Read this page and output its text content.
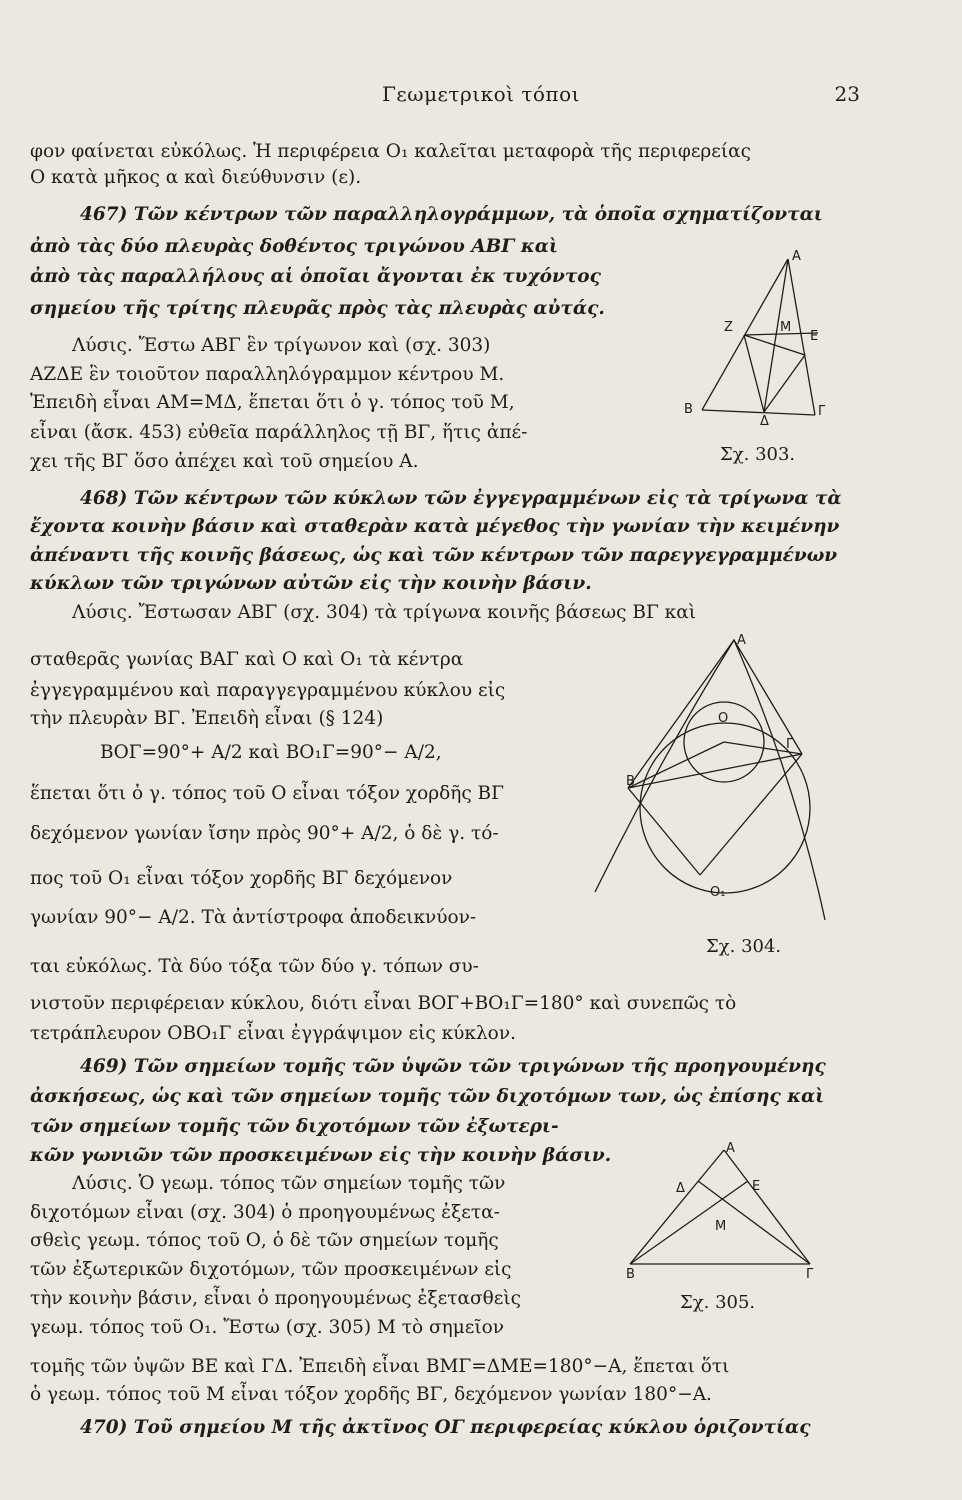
Γεωμετρικοὶ τόποι	23
φον φαίνεται εὐκόλως. Ἡ περιφέρεια O₁ καλεῖται μεταφορὰ τῆς περιφερείας
O κατὰ μῆκος α καὶ διεύθυνσιν (ε).
467) Τῶν κέντρων τῶν παραλληλογράμμων, τὰ ὁποῖα σχηματίζονται
ἀπὸ τὰς δύο πλευρὰς δοθέντος τριγώνου ΑΒΓ καὶ
ἀπὸ τὰς παραλλήλους αἱ ὁποῖαι ἄγονται ἐκ τυχόντος
σημείου τῆς τρίτης πλευρᾶς πρὸς τὰς πλευρὰς αὐτάς.
Λύσις. Ἔστω ΑΒΓ ἓν τρίγωνον καὶ (σχ. 303)
ΑΖΔΕ ἓν τοιοῦτον παραλληλόγραμμον κέντρου Μ.
Ἐπειδὴ εἶναι ΑΜ=ΜΔ, ἕπεται ὅτι ὁ γ. τόπος τοῦ Μ,
εἶναι (ἄσκ. 453) εὐθεῖα παράλληλος τῇ ΒΓ, ἥτις ἀπέ-
χει τῆς ΒΓ ὅσο ἀπέχει καὶ τοῦ σημείου Α.
468) Τῶν κέντρων τῶν κύκλων τῶν ἐγγεγραμμένων εἰς τὰ τρίγωνα τὰ
ἔχοντα κοινὴν βάσιν καὶ σταθερὰν κατὰ μέγεθος τὴν γωνίαν τὴν κειμένην
ἀπέναντι τῆς κοινῆς βάσεως, ὡς καὶ τῶν κέντρων τῶν παρεγγεγραμμένων
κύκλων τῶν τριγώνων αὐτῶν εἰς τὴν κοινὴν βάσιν.
Λύσις. Ἔστωσαν ΑΒΓ (σχ. 304) τὰ τρίγωνα κοινῆς βάσεως ΒΓ καὶ
σταθερᾶς γωνίας ΒΑΓ καὶ Ο καὶ O₁ τὰ κέντρα
ἐγγεγραμμένου καὶ παραγγεγραμμένου κύκλου εἰς
τὴν πλευρὰν ΒΓ. Ἐπειδὴ εἶναι (§ 124)
ΒΟΓ=90°+ Α/2 καὶ ΒO₁Γ=90°− Α/2,
ἕπεται ὅτι ὁ γ. τόπος τοῦ Ο εἶναι τόξον χορδῆς ΒΓ
δεχόμενον γωνίαν ἴσην πρὸς 90°+ Α/2, ὁ δὲ γ. τό-
πος τοῦ O₁ εἶναι τόξον χορδῆς ΒΓ δεχόμενον
γωνίαν 90°− Α/2. Τὰ ἀντίστροφα ἀποδεικνύον-
ται εὐκόλως. Τὰ δύο τόξα τῶν δύο γ. τόπων συ-
νιστοῦν περιφέρειαν κύκλου, διότι εἶναι ΒΟΓ+ΒO₁Γ=180° καὶ συνεπῶς τὸ
τετράπλευρον ΟΒO₁Γ εἶναι ἐγγράψιμον εἰς κύκλον.
469) Τῶν σημείων τομῆς τῶν ὑψῶν τῶν τριγώνων τῆς προηγουμένης
ἀσκήσεως, ὡς καὶ τῶν σημείων τομῆς τῶν διχοτόμων των, ὡς ἐπίσης καὶ
τῶν σημείων τομῆς τῶν διχοτόμων τῶν ἐξωτερι-
κῶν γωνιῶν τῶν προσκειμένων εἰς τὴν κοινὴν βάσιν.
Λύσις. Ὁ γεωμ. τόπος τῶν σημείων τομῆς τῶν
διχοτόμων εἶναι (σχ. 304) ὁ προηγουμένως ἐξετα-
σθεὶς γεωμ. τόπος τοῦ Ο, ὁ δὲ τῶν σημείων τομῆς
τῶν ἐξωτερικῶν διχοτόμων, τῶν προσκειμένων εἰς
τὴν κοινὴν βάσιν, εἶναι ὁ προηγουμένως ἐξετασθεὶς
γεωμ. τόπος τοῦ O₁. Ἔστω (σχ. 305) Μ τὸ σημεῖον
τομῆς τῶν ὑψῶν ΒΕ καὶ ΓΔ. Ἐπειδὴ εἶναι ΒΜΓ=ΔΜΕ=180°−Α, ἕπεται ὅτι
ὁ γεωμ. τόπος τοῦ Μ εἶναι τόξον χορδῆς ΒΓ, δεχόμενον γωνίαν 180°−Α.
470) Τοῦ σημείου Μ τῆς ἀκτῖνος ΟΓ περιφερείας κύκλου ὁριζοντίας
Α
Ζ	Μ
Ε
Β
Δ
Γ
Σχ. 303.
Α
Ο
Γ
Β
O₁
Σχ. 304.
Α
Δ	Ε
Μ
Β	Γ
Σχ. 305.
